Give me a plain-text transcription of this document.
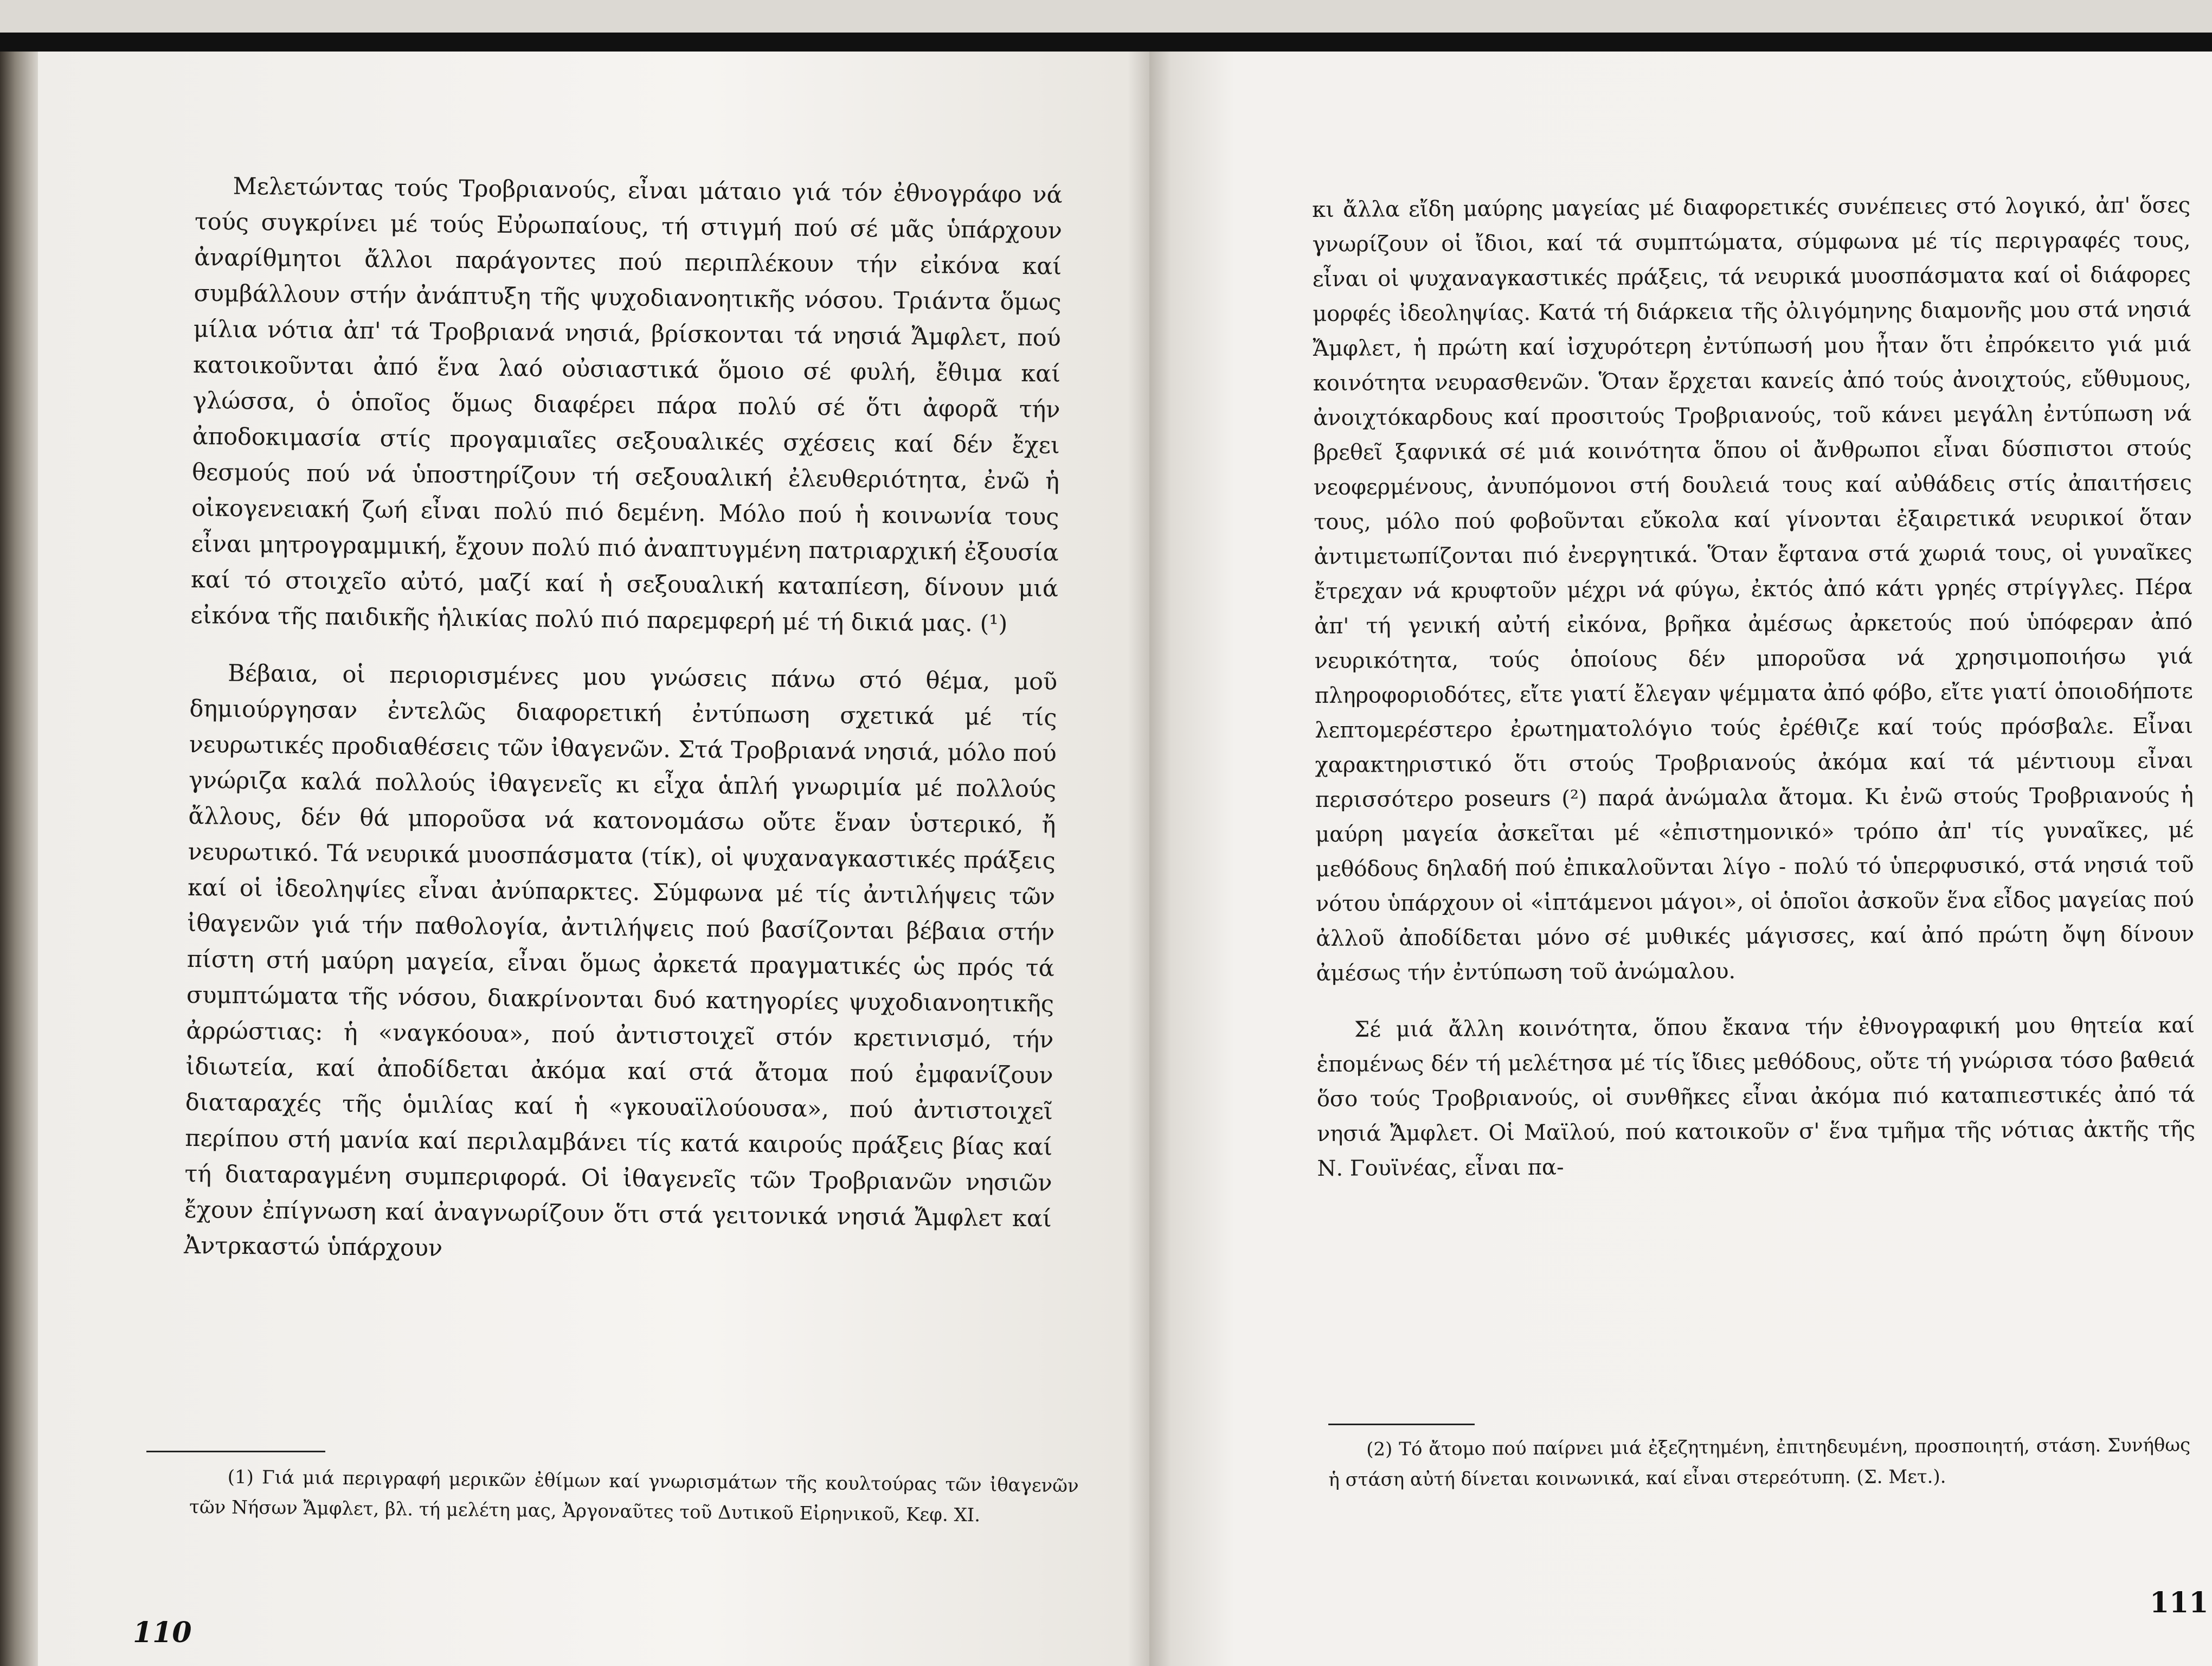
Μελετώντας τούς Τροβριανούς, εἶναι μάταιο γιά τόν ἐθνογράφο νά τούς συγκρίνει μέ τούς Εὐρωπαίους, τή στιγμή πού σέ μᾶς ὑπάρχουν ἀναρίθμητοι ἄλλοι παράγοντες πού περιπλέκουν τήν εἰκόνα καί συμβάλλουν στήν ἀνάπτυξη τῆς ψυχοδιανοητικῆς νόσου. Τριάντα ὅμως μίλια νότια ἀπ' τά Τροβριανά νησιά, βρίσκονται τά νησιά Ἄμφλετ, πού κατοικοῦνται ἀπό ἕνα λαό οὐσιαστικά ὅμοιο σέ φυλή, ἔθιμα καί γλώσσα, ὁ ὁποῖος ὅμως διαφέρει πάρα πολύ σέ ὅτι ἀφορᾶ τήν ἀποδοκιμασία στίς προγαμιαῖες σεξουαλικές σχέσεις καί δέν ἔχει θεσμούς πού νά ὑποστηρίζουν τή σεξουαλική ἐλευθεριότητα, ἐνῶ ἡ οἰκογενειακή ζωή εἶναι πολύ πιό δεμένη. Μόλο πού ἡ κοινωνία τους εἶναι μητρογραμμική, ἔχουν πολύ πιό ἀναπτυγμένη πατριαρχική ἐξουσία καί τό στοιχεῖο αὐτό, μαζί καί ἡ σεξουαλική καταπίεση, δίνουν μιά εἰκόνα τῆς παιδικῆς ἡλικίας πολύ πιό παρεμφερή μέ τή δικιά μας. (¹)

Βέβαια, οἱ περιορισμένες μου γνώσεις πάνω στό θέμα, μοῦ δημιούργησαν ἐντελῶς διαφορετική ἐντύπωση σχετικά μέ τίς νευρωτικές προδιαθέσεις τῶν ἰθαγενῶν. Στά Τροβριανά νησιά, μόλο πού γνώριζα καλά πολλούς ἰθαγενεῖς κι εἶχα ἁπλή γνωριμία μέ πολλούς ἄλλους, δέν θά μποροῦσα νά κατονομάσω οὔτε ἕναν ὑστερικό, ἤ νευρωτικό. Τά νευρικά μυοσπάσματα (τίκ), οἱ ψυχαναγκαστικές πράξεις καί οἱ ἰδεοληψίες εἶναι ἀνύπαρκτες. Σύμφωνα μέ τίς ἀντιλήψεις τῶν ἰθαγενῶν γιά τήν παθολογία, ἀντιλήψεις πού βασίζονται βέβαια στήν πίστη στή μαύρη μαγεία, εἶναι ὅμως ἀρκετά πραγματικές ὡς πρός τά συμπτώματα τῆς νόσου, διακρίνονται δυό κατηγορίες ψυχοδιανοητικῆς ἀρρώστιας: ἡ «ναγκόουα», πού ἀντιστοιχεῖ στόν κρετινισμό, τήν ἰδιωτεία, καί ἀποδίδεται ἀκόμα καί στά ἄτομα πού ἐμφανίζουν διαταραχές τῆς ὁμιλίας καί ἡ «γκουαϊλούουσα», πού ἀντιστοιχεῖ περίπου στή μανία καί περιλαμβάνει τίς κατά καιρούς πράξεις βίας καί τή διαταραγμένη συμπεριφορά. Οἱ ἰθαγενεῖς τῶν Τροβριανῶν νησιῶν ἔχουν ἐπίγνωση καί ἀναγνωρίζουν ὅτι στά γειτονικά νησιά Ἄμφλετ καί Ἀντρκαστώ ὑπάρχουν

(1) Γιά μιά περιγραφή μερικῶν ἐθίμων καί γνωρισμάτων τῆς κουλτούρας τῶν ἰθαγενῶν τῶν Νήσων Ἄμφλετ, βλ. τή μελέτη μας, Ἀργοναῦτες τοῦ Δυτικοῦ Εἰρηνικοῦ, Κεφ. XI.

110

κι ἄλλα εἴδη μαύρης μαγείας μέ διαφορετικές συνέπειες στό λογικό, ἀπ' ὅσες γνωρίζουν οἱ ἴδιοι, καί τά συμπτώματα, σύμφωνα μέ τίς περιγραφές τους, εἶναι οἱ ψυχαναγκαστικές πράξεις, τά νευρικά μυοσπάσματα καί οἱ διάφορες μορφές ἰδεοληψίας. Κατά τή διάρκεια τῆς ὀλιγόμηνης διαμονῆς μου στά νησιά Ἄμφλετ, ἡ πρώτη καί ἰσχυρότερη ἐντύπωσή μου ἦταν ὅτι ἐπρόκειτο γιά μιά κοινότητα νευρασθενῶν. Ὅταν ἔρχεται κανείς ἀπό τούς ἀνοιχτούς, εὔθυμους, ἀνοιχτόκαρδους καί προσιτούς Τροβριανούς, τοῦ κάνει μεγάλη ἐντύπωση νά βρεθεῖ ξαφνικά σέ μιά κοινότητα ὅπου οἱ ἄνθρωποι εἶναι δύσπιστοι στούς νεοφερμένους, ἀνυπόμονοι στή δουλειά τους καί αὐθάδεις στίς ἀπαιτήσεις τους, μόλο πού φοβοῦνται εὔκολα καί γίνονται ἐξαιρετικά νευρικοί ὅταν ἀντιμετωπίζονται πιό ἐνεργητικά. Ὅταν ἔφτανα στά χωριά τους, οἱ γυναῖκες ἔτρεχαν νά κρυφτοῦν μέχρι νά φύγω, ἐκτός ἀπό κάτι γρηές στρίγγλες. Πέρα ἀπ' τή γενική αὐτή εἰκόνα, βρῆκα ἀμέσως ἀρκετούς πού ὑπόφεραν ἀπό νευρικότητα, τούς ὁποίους δέν μποροῦσα νά χρησιμοποιήσω γιά πληροφοριοδότες, εἴτε γιατί ἔλεγαν ψέμματα ἀπό φόβο, εἴτε γιατί ὁποιοδήποτε λεπτομερέστερο ἐρωτηματολόγιο τούς ἐρέθιζε καί τούς πρόσβαλε. Εἶναι χαρακτηριστικό ὅτι στούς Τροβριανούς ἀκόμα καί τά μέντιουμ εἶναι περισσότερο poseurs (²) παρά ἀνώμαλα ἄτομα. Κι ἐνῶ στούς Τροβριανούς ἡ μαύρη μαγεία ἀσκεῖται μέ «ἐπιστημονικό» τρόπο ἀπ' τίς γυναῖκες, μέ μεθόδους δηλαδή πού ἐπικαλοῦνται λίγο - πολύ τό ὑπερφυσικό, στά νησιά τοῦ νότου ὑπάρχουν οἱ «ἱπτάμενοι μάγοι», οἱ ὁποῖοι ἀσκοῦν ἕνα εἶδος μαγείας πού ἀλλοῦ ἀποδίδεται μόνο σέ μυθικές μάγισσες, καί ἀπό πρώτη ὄψη δίνουν ἀμέσως τήν ἐντύπωση τοῦ ἀνώμαλου.

Σέ μιά ἄλλη κοινότητα, ὅπου ἔκανα τήν ἐθνογραφική μου θητεία καί ἑπομένως δέν τή μελέτησα μέ τίς ἴδιες μεθόδους, οὔτε τή γνώρισα τόσο βαθειά ὅσο τούς Τροβριανούς, οἱ συνθῆκες εἶναι ἀκόμα πιό καταπιεστικές ἀπό τά νησιά Ἄμφλετ. Οἱ Μαϊλού, πού κατοικοῦν σ' ἕνα τμῆμα τῆς νότιας ἀκτῆς τῆς Ν. Γουϊνέας, εἶναι πα-

(2) Τό ἄτομο πού παίρνει μιά ἐξεζητημένη, ἐπιτηδευμένη, προσποιητή, στάση. Συνήθως ἡ στάση αὐτή δίνεται κοινωνικά, καί εἶναι στερεότυπη. (Σ. Μετ.).

111
